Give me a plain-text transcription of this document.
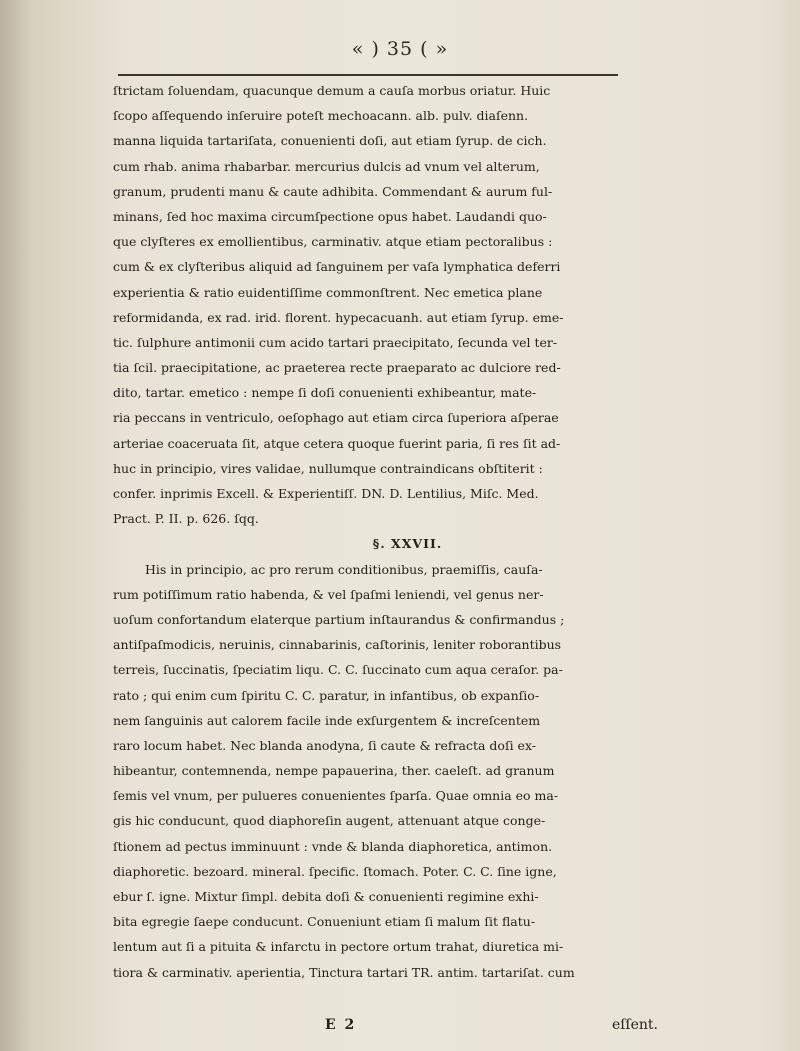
« ) 35 ( »
ſtrictam ſoluendam, quacunque demum a cauſa morbus oriatur. Huic
ſcopo aſſequendo inſeruire poteſt mechoacann. alb. pulv. diaſenn.
manna liquida tartariſata, conuenienti doſi, aut etiam ſyrup. de cich.
cum rhab. anima rhabarbar. mercurius dulcis ad vnum vel alterum,
granum, prudenti manu & caute adhibita. Commendant & aurum ful-
minans, ſed hoc maxima circumſpectione opus habet. Laudandi quo-
que clyſteres ex emollientibus, carminativ. atque etiam pectoralibus :
cum & ex clyſteribus aliquid ad ſanguinem per vaſa lymphatica deferri
experientia & ratio euidentiſſime commonſtrent. Nec emetica plane
reformidanda, ex rad. irid. florent. hypecacuanh. aut etiam ſyrup. eme-
tic. ſulphure antimonii cum acido tartari praecipitato, ſecunda vel ter-
tia ſcil. praecipitatione, ac praeterea recte praeparato ac dulciore red-
dito, tartar. emetico : nempe ſi doſi conuenienti exhibeantur, mate-
ria peccans in ventriculo, oeſophago aut etiam circa ſuperiora aſperae
arteriae coaceruata ſit, atque cetera quoque fuerint paria, ſi res ſit ad-
huc in principio, vires validae, nullumque contraindicans obſtiterit :
confer. inprimis Excell. & Experientiſſ. DN. D. Lentilius, Miſc. Med.
Pract. P. II. p. 626. ſqq.
§. XXVII.
His in principio, ac pro rerum conditionibus, praemiſſis, cauſa-
rum potiſſimum ratio habenda, & vel ſpaſmi leniendi, vel genus ner-
uoſum confortandum elaterque partium inſtaurandus & confirmandus ;
antiſpaſmodicis, neruinis, cinnabarinis, caſtorinis, leniter roborantibus
terreis, ſuccinatis, ſpeciatim liqu. C. C. ſuccinato cum aqua ceraſor. pa-
rato ; qui enim cum ſpiritu C. C. paratur, in infantibus, ob expanſio-
nem ſanguinis aut calorem facile inde exſurgentem & increſcentem
raro locum habet. Nec blanda anodyna, ſi caute & refracta doſi ex-
hibeantur, contemnenda, nempe papauerina, ther. caeleſt. ad granum
ſemis vel vnum, per pulueres conuenientes ſparſa. Quae omnia eo ma-
gis hic conducunt, quod diaphoreſin augent, attenuant atque conge-
ſtionem ad pectus imminuunt : vnde & blanda diaphoretica, antimon.
diaphoretic. bezoard. mineral. ſpecific. ſtomach. Poter. C. C. ſine igne,
ebur ſ. igne. Mixtur ſimpl. debita doſi & conuenienti regimine exhi-
bita egregie ſaepe conducunt. Conueniunt etiam ſi malum ſit flatu-
lentum aut ſi a pituita & infarctu in pectore ortum trahat, diuretica mi-
tiora & carminativ. aperientia, Tinctura tartari TR. antim. tartariſat. cum
E 2	eſſent.
